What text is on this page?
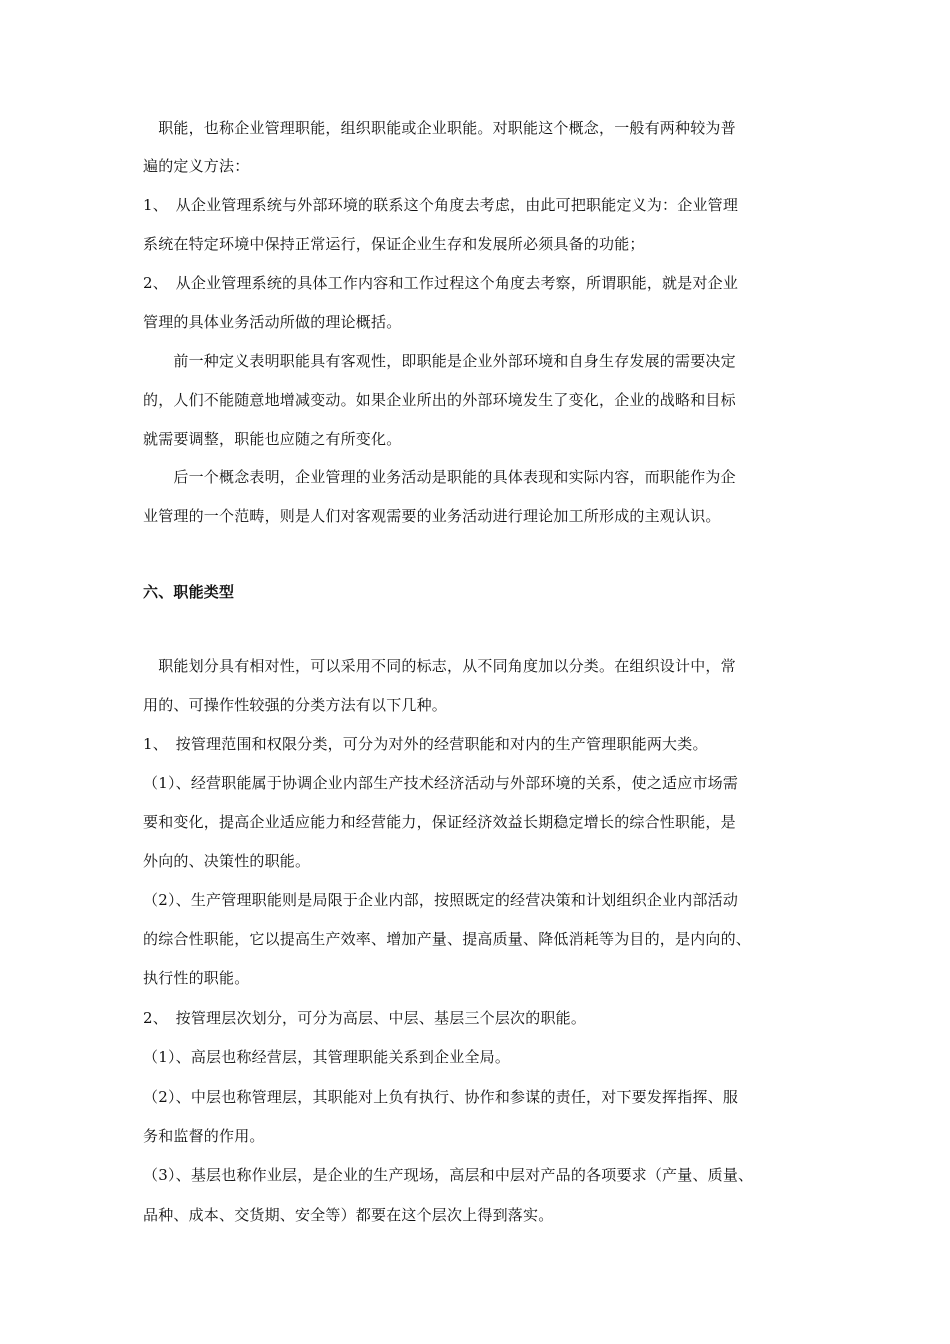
　职能，也称企业管理职能，组织职能或企业职能。对职能这个概念，一般有两种较为普
遍的定义方法：
1、　从企业管理系统与外部环境的联系这个角度去考虑，由此可把职能定义为：企业管理
系统在特定环境中保持正常运行，保证企业生存和发展所必须具备的功能；
2、　从企业管理系统的具体工作内容和工作过程这个角度去考察，所谓职能，就是对企业
管理的具体业务活动所做的理论概括。
　　前一种定义表明职能具有客观性，即职能是企业外部环境和自身生存发展的需要决定
的，人们不能随意地增减变动。如果企业所出的外部环境发生了变化，企业的战略和目标
就需要调整，职能也应随之有所变化。
　　后一个概念表明，企业管理的业务活动是职能的具体表现和实际内容，而职能作为企
业管理的一个范畴，则是人们对客观需要的业务活动进行理论加工所形成的主观认识。
六、职能类型
　职能划分具有相对性，可以采用不同的标志，从不同角度加以分类。在组织设计中，常
用的、可操作性较强的分类方法有以下几种。
1、　按管理范围和权限分类，可分为对外的经营职能和对内的生产管理职能两大类。
（1）、经营职能属于协调企业内部生产技术经济活动与外部环境的关系，使之适应市场需
要和变化，提高企业适应能力和经营能力，保证经济效益长期稳定增长的综合性职能，是
外向的、决策性的职能。
（2）、生产管理职能则是局限于企业内部，按照既定的经营决策和计划组织企业内部活动
的综合性职能，它以提高生产效率、增加产量、提高质量、降低消耗等为目的，是内向的、
执行性的职能。
2、　按管理层次划分，可分为高层、中层、基层三个层次的职能。
（1）、高层也称经营层，其管理职能关系到企业全局。
（2）、中层也称管理层，其职能对上负有执行、协作和参谋的责任，对下要发挥指挥、服
务和监督的作用。
（3）、基层也称作业层，是企业的生产现场，高层和中层对产品的各项要求（产量、质量、
品种、成本、交货期、安全等）都要在这个层次上得到落实。
